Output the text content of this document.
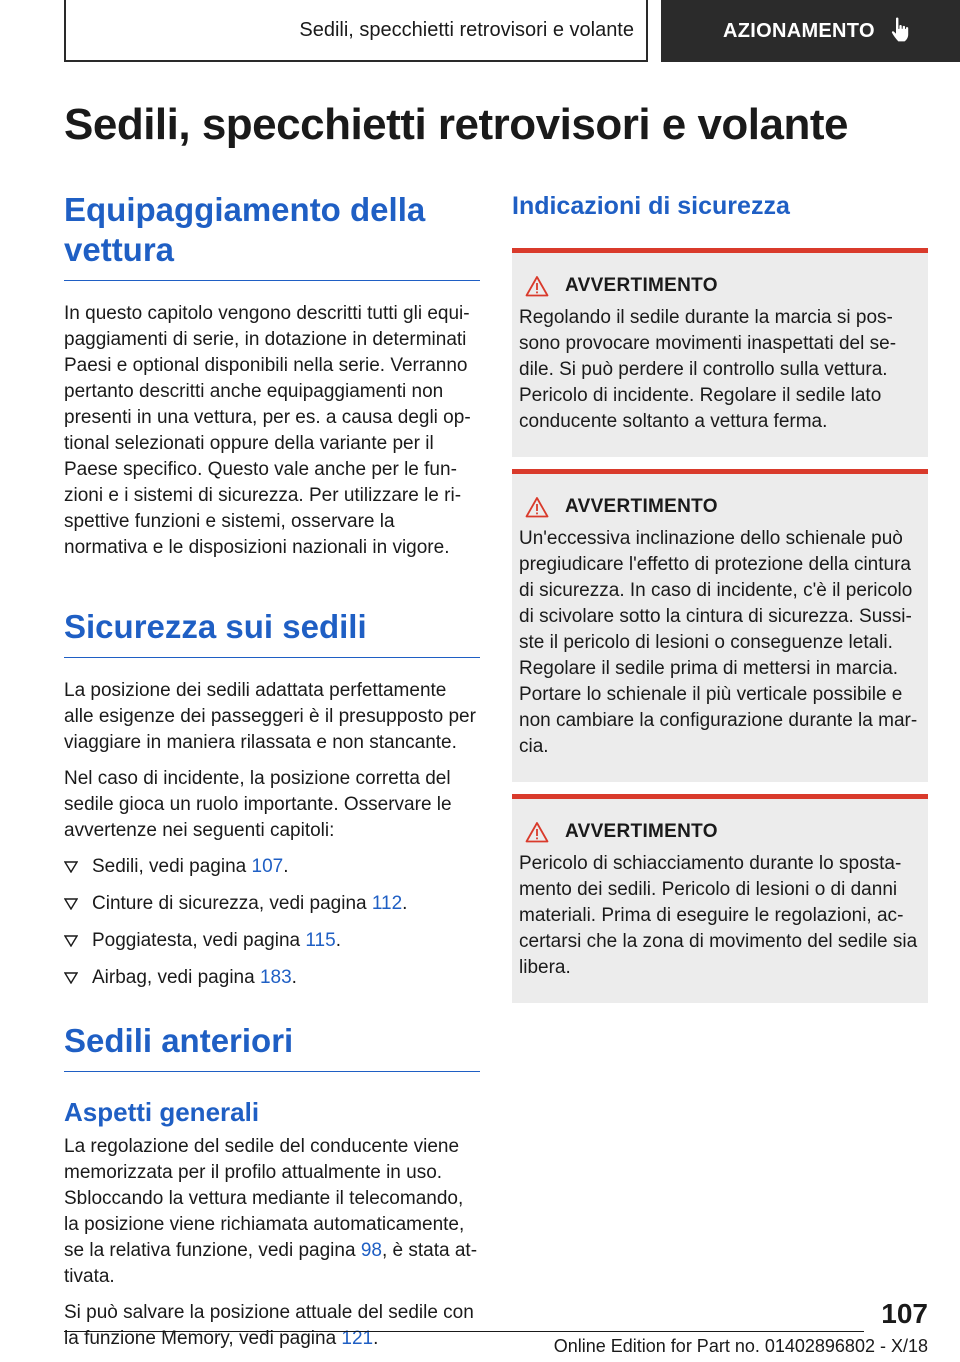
Sedili, specchietti retrovisori e volante	AZIONAMENTO
Sedili, specchietti retrovisori e volante
Equipaggiamento della vettura

In questo capitolo vengono descritti tutti gli equipaggiamenti di serie, in dotazione in determinati Paesi e optional disponibili nella serie. Verranno pertanto descritti anche equipaggiamenti non presenti in una vettura, per es. a causa degli optional selezionati oppure della variante per il Paese specifico. Questo vale anche per le funzioni e i sistemi di sicurezza. Per utilizzare le rispettive funzioni e sistemi, osservare la normativa e le disposizioni nazionali in vigore.

Sicurezza sui sedili

La posizione dei sedili adattata perfettamente alle esigenze dei passeggeri è il presupposto per viaggiare in maniera rilassata e non stancante.

Nel caso di incidente, la posizione corretta del sedile gioca un ruolo importante. Osservare le avvertenze nei seguenti capitoli:

Sedili, vedi pagina 107.
Cinture di sicurezza, vedi pagina 112.
Poggiatesta, vedi pagina 115.
Airbag, vedi pagina 183.
Sedili anteriori
Aspetti generali

La regolazione del sedile del conducente viene memorizzata per il profilo attualmente in uso. Sbloccando la vettura mediante il telecomando, la posizione viene richiamata automaticamente, se la relativa funzione, vedi pagina 98, è stata attivata.

Si può salvare la posizione attuale del sedile con la funzione Memory, vedi pagina 121.

Indicazioni di sicurezza
AVVERTIMENTO

Regolando il sedile durante la marcia si possono provocare movimenti inaspettati del sedile. Si può perdere il controllo sulla vettura. Pericolo di incidente. Regolare il sedile lato conducente soltanto a vettura ferma.

AVVERTIMENTO

Un'eccessiva inclinazione dello schienale può pregiudicare l'effetto di protezione della cintura di sicurezza. In caso di incidente, c'è il pericolo di scivolare sotto la cintura di sicurezza. Sussiste il pericolo di lesioni o conseguenze letali. Regolare il sedile prima di mettersi in marcia. Portare lo schienale il più verticale possibile e non cambiare la configurazione durante la marcia.

AVVERTIMENTO

Pericolo di schiacciamento durante lo spostamento dei sedili. Pericolo di lesioni o di danni materiali. Prima di eseguire le regolazioni, accertarsi che la zona di movimento del sedile sia libera.

107
Online Edition for Part no. 01402896802 - X/18
